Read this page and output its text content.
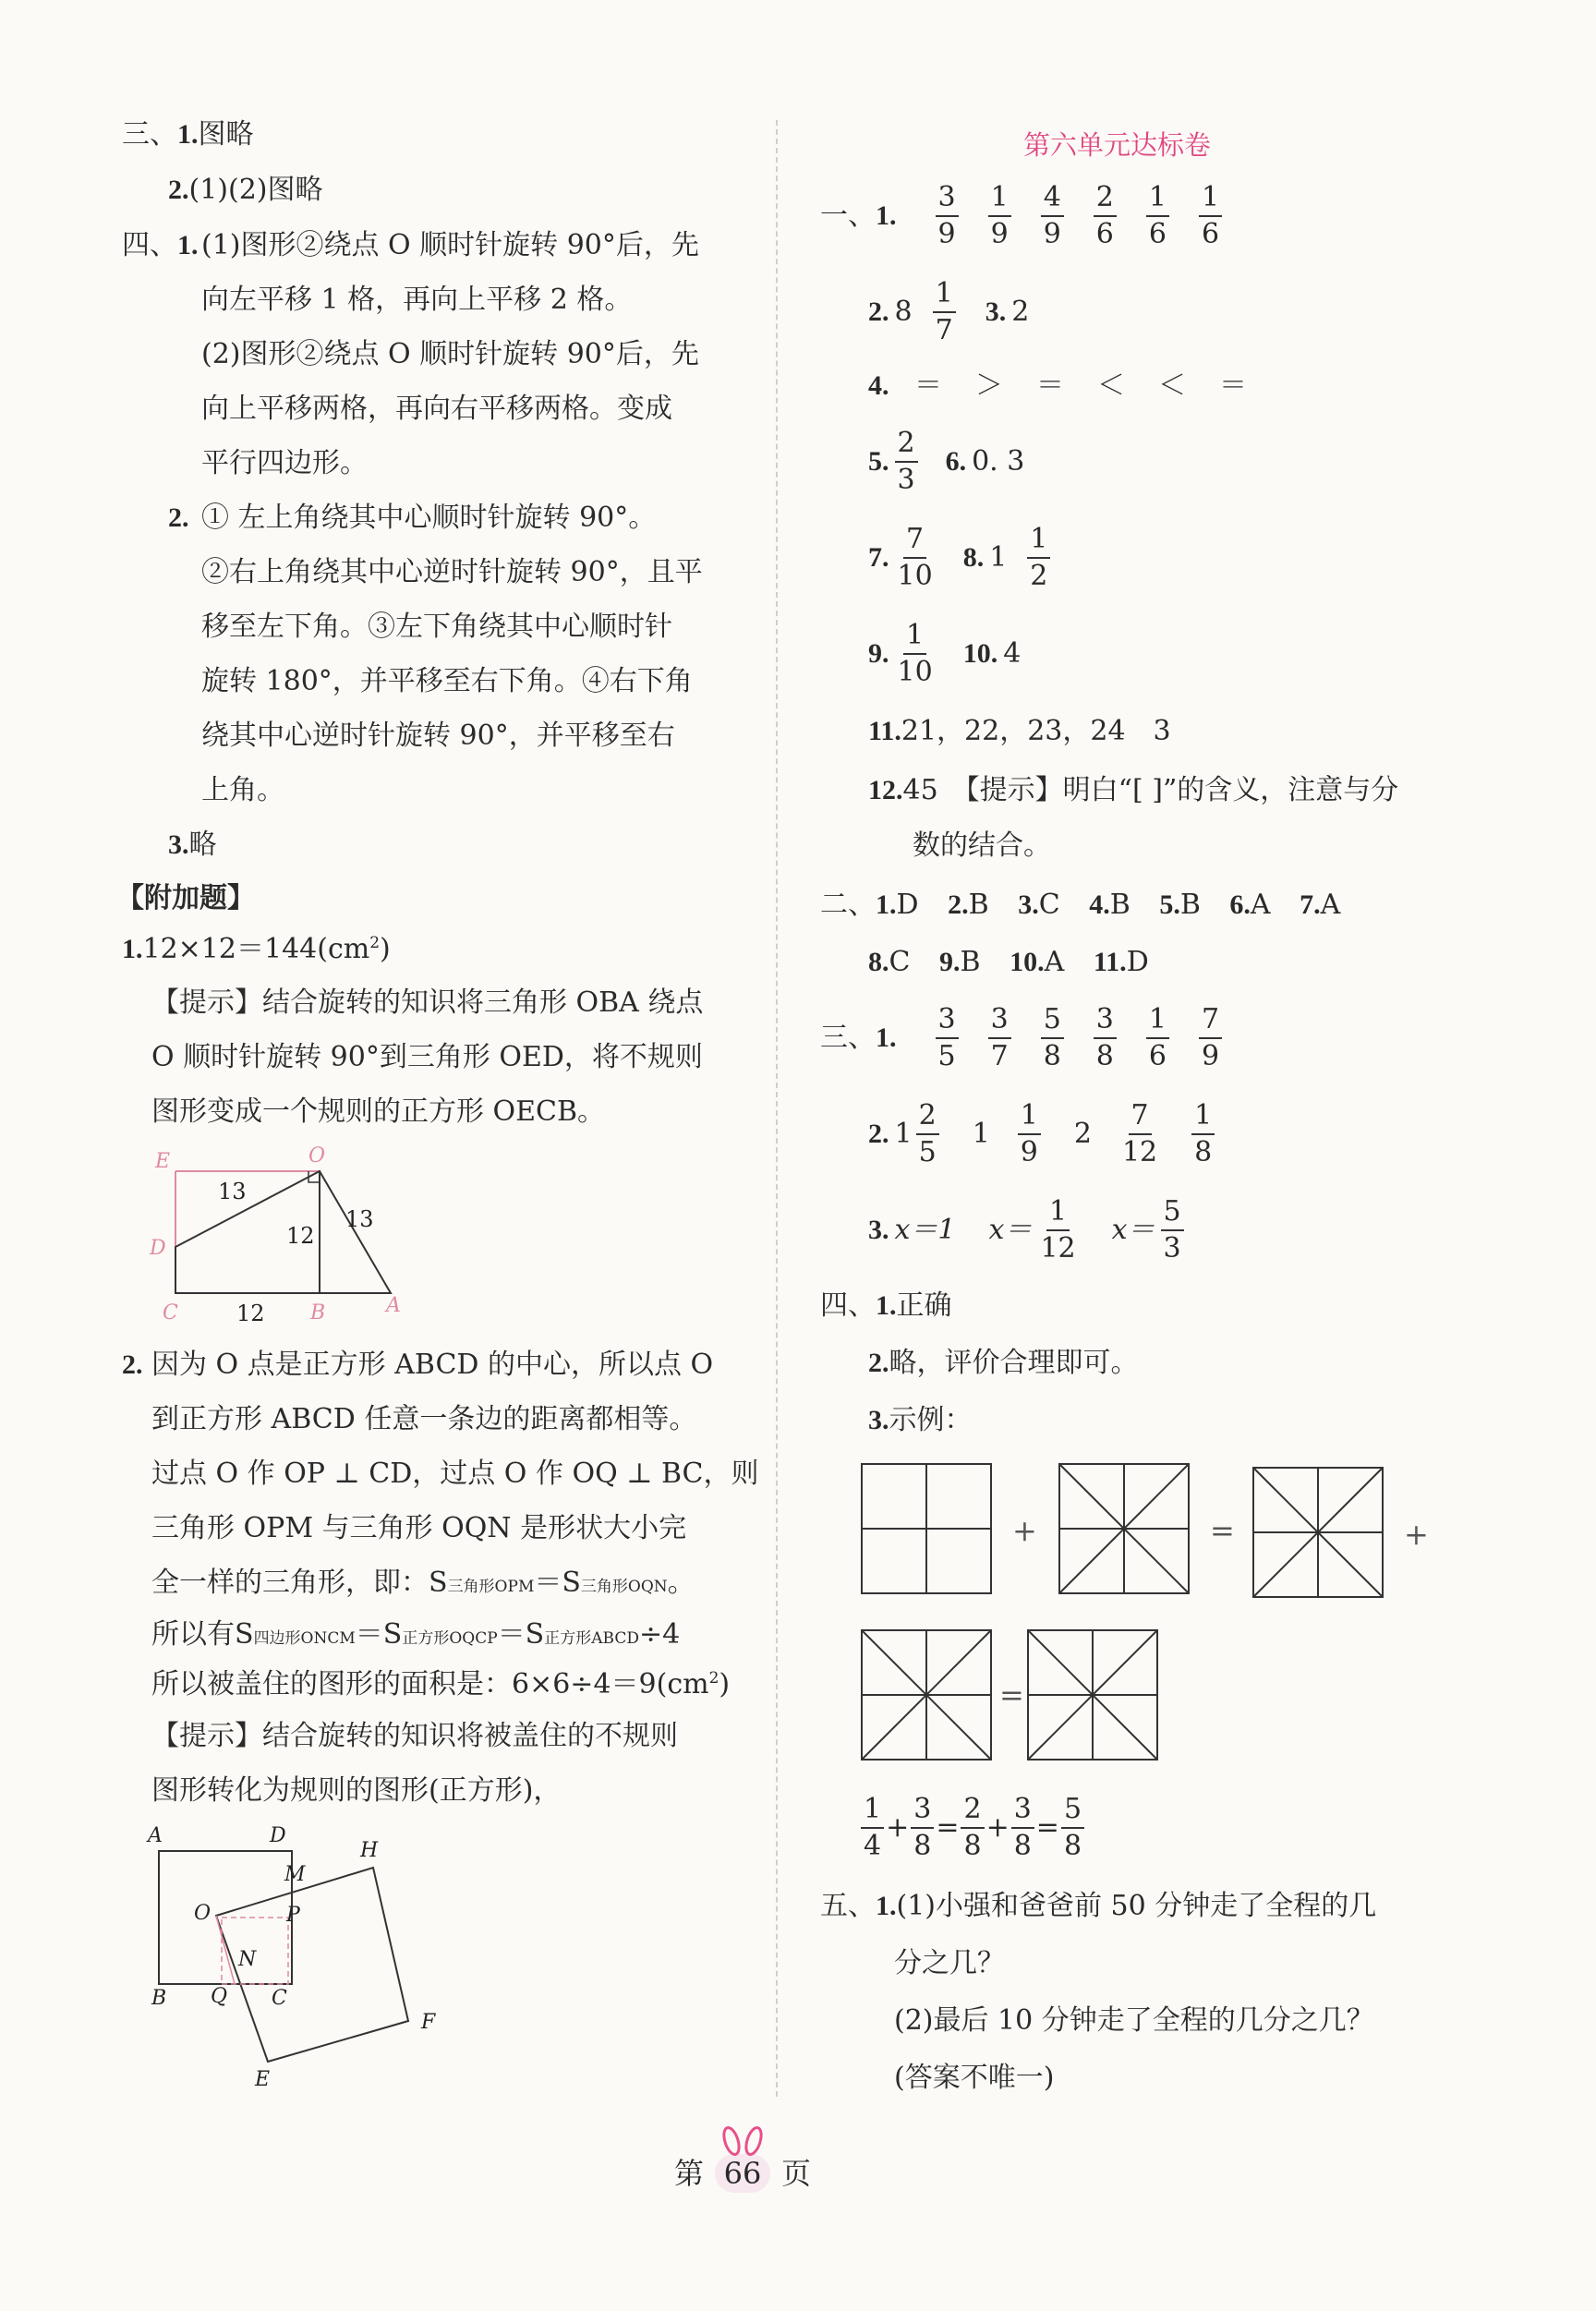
三、1.图略
2.(1)(2)图略
四、1. (1)图形②绕点 O 顺时针旋转 90°后，先
向左平移 1 格，再向上平移 2 格。
(2)图形②绕点 O 顺时针旋转 90°后，先
向上平移两格，再向右平移两格。变成
平行四边形。
2. ① 左上角绕其中心顺时针旋转 90°。
②右上角绕其中心逆时针旋转 90°，且平
移至左下角。③左下角绕其中心顺时针
旋转 180°，并平移至右下角。④右下角
绕其中心逆时针旋转 90°，并平移至右
上角。
3.略
【附加题】
$1.12\times 12=144(cm^2)$
【提示】结合旋转的知识将三角形 OBA 绕点
O 顺时针旋转 90°到三角形 OED，将不规则
图形变成一个规则的正方形 OECB。
E	O
D
C	B	A
13
12
13
12
2. 因为 O 点是正方形 ABCD 的中心，所以点 O
到正方形 ABCD 任意一条边的距离都相等。
过点 O 作 OP ⊥ CD，过点 O 作 OQ ⊥ BC，则
三角形 OPM 与三角形 OQN 是形状大小完
全一样的三角形，即：S三角形OPM＝S三角形OQN。
所以有S四边形ONCM＝S正方形OQCP＝S正方形ABCD÷4
所以被盖住的图形的面积是：$6\times 6\div 4=9(cm^2)$
【提示】结合旋转的知识将被盖住的不规则
图形转化为规则的图形(正方形)，
A	D
H
M
O	P
N
B Q C
F
E
第六单元达标卷
一、 1. $\frac{3}{9} \frac{1}{9} \frac{4}{9} \frac{2}{6} \frac{1}{6} \frac{1}{6}$
2. $8 \frac{1}{7} 3$. 2
4. ＝ ＞ ＝ ＜ ＜ ＝
5. $\frac{2}{3} 6$. 0. 3
7. $\frac{7}{10} 8$. $1 \frac{1}{2}$
9. $\frac{1}{10} 10$. 4
11.21，22，23，24　3
12.45　【提示】明白“[ ]”的含义，注意与分
数的结合。
二、1.D 2.B 3.C 4.B 5.B 6.A 7.A
8.C 9.B 10.A 11.D
三、 1. $\frac{3}{5} \frac{3}{7} \frac{5}{8} \frac{3}{8} \frac{1}{6} \frac{7}{9}$
2. $1 \frac{2}{5} 1 \frac{1}{9} 2 \frac{7}{12} \frac{1}{8}$
3. x＝1 $x= \frac{1}{12} x= \frac{5}{3}$
四、1.正确
2.略，评价合理即可。
3.示例：
+	=	+
=
$\frac{1}{4} + \frac{3}{8} = \frac{2}{8} + \frac{3}{8} = \frac{5}{8}$
五、1.(1)小强和爸爸前 50 分钟走了全程的几
分之几？
(2)最后 10 分钟走了全程的几分之几？
(答案不唯一)
第 66 页
